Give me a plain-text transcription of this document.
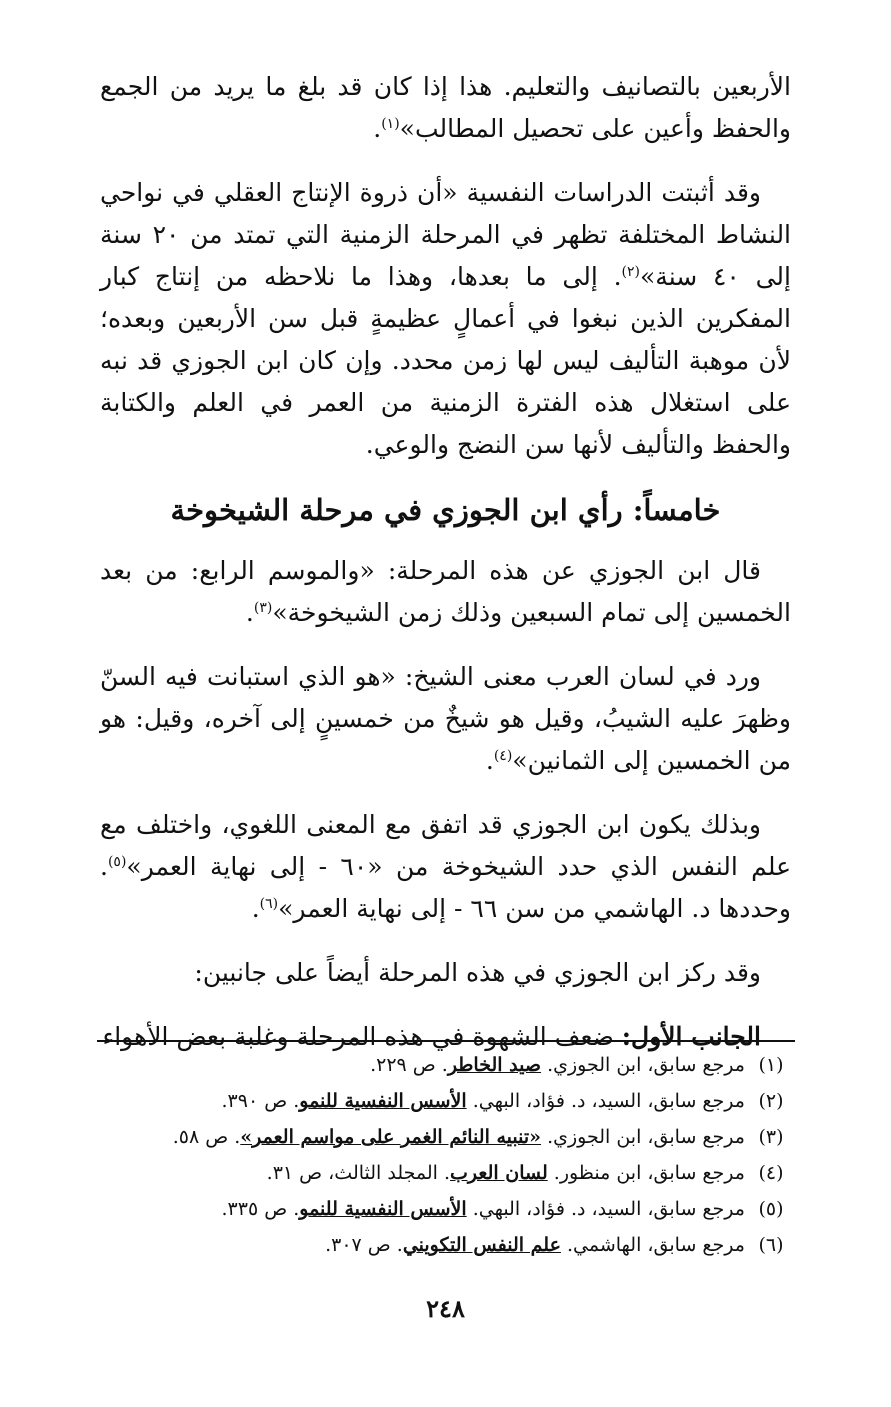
الأربعين بالتصانيف والتعليم. هذا إذا كان قد بلغ ما يريد من الجمع والحفظ وأعين على تحصيل المطالب»$^{(١)}$.

وقد أثبتت الدراسات النفسية «أن ذروة الإنتاج العقلي في نواحي النشاط المختلفة تظهر في المرحلة الزمنية التي تمتد من ٢٠ سنة إلى ٤٠ سنة»$^{(٢)}$. إلى ما بعدها، وهذا ما نلاحظه من إنتاج كبار المفكرين الذين نبغوا في أعمالٍ عظيمةٍ قبل سن الأربعين وبعده؛ لأن موهبة التأليف ليس لها زمن محدد. وإن كان ابن الجوزي قد نبه على استغلال هذه الفترة الزمنية من العمر في العلم والكتابة والحفظ والتأليف لأنها سن النضج والوعي.

خامساً: رأي ابن الجوزي في مرحلة الشيخوخة

قال ابن الجوزي عن هذه المرحلة: «والموسم الرابع: من بعد الخمسين إلى تمام السبعين وذلك زمن الشيخوخة»$^{(٣)}$.

ورد في لسان العرب معنى الشيخ: «هو الذي استبانت فيه السنّ وظهرَ عليه الشيبُ، وقيل هو شيخٌ من خمسينٍ إلى آخره، وقيل: هو من الخمسين إلى الثمانين»$^{(٤)}$.

وبذلك يكون ابن الجوزي قد اتفق مع المعنى اللغوي، واختلف مع علم النفس الذي حدد الشيخوخة من «٦٠ - إلى نهاية العمر»$^{(٥)}$. وحددها د. الهاشمي من سن ٦٦ - إلى نهاية العمر»$^{(٦)}$.

وقد ركز ابن الجوزي في هذه المرحلة أيضاً على جانبين:

الجانب الأول: ضعف الشهوة في هذه المرحلة وغلبة بعض الأهواء

(١) مرجع سابق، ابن الجوزي. صيد الخاطر. ص ٢٢٩.
(٢) مرجع سابق، السيد، د. فؤاد، البهي. الأسس النفسية للنمو. ص ٣٩٠.
(٣) مرجع سابق، ابن الجوزي. «تنبيه النائم الغمر على مواسم العمر». ص ٥٨.
(٤) مرجع سابق، ابن منظور. لسان العرب. المجلد الثالث، ص ٣١.
(٥) مرجع سابق، السيد، د. فؤاد، البهي. الأسس النفسية للنمو. ص ٣٣٥.
(٦) مرجع سابق، الهاشمي. علم النفس التكويني. ص ٣٠٧.
٢٤٨
